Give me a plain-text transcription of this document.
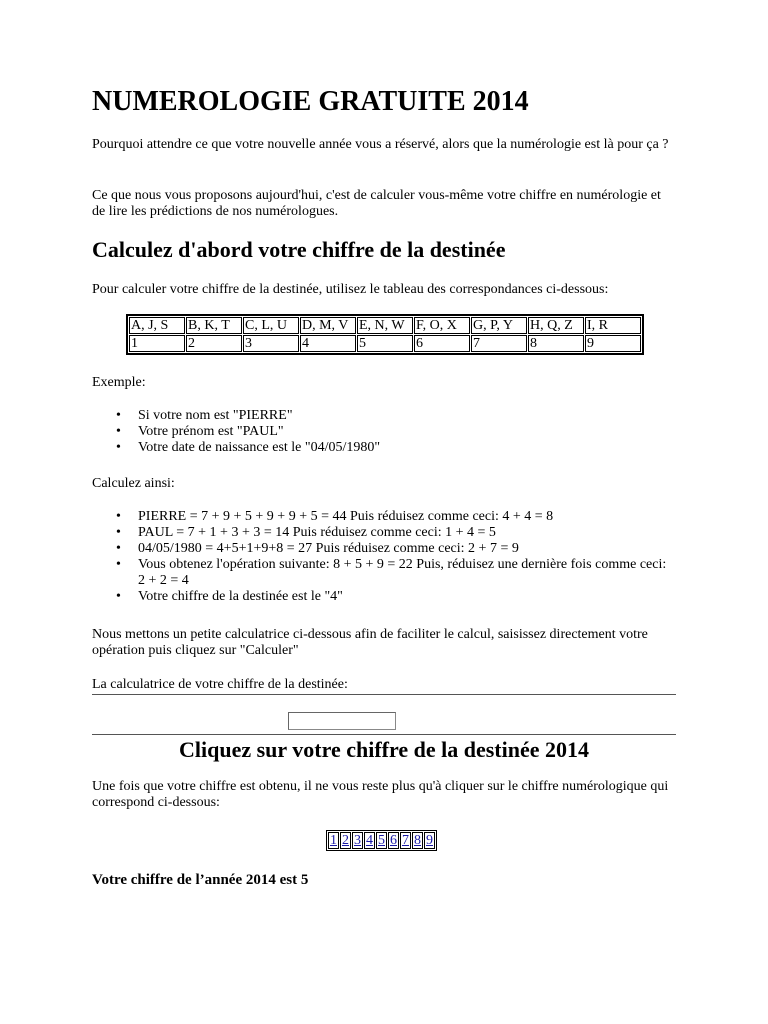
NUMEROLOGIE GRATUITE 2014

Pourquoi attendre ce que votre nouvelle année vous a réservé, alors que la numérologie est là pour ça ?

Ce que nous vous proposons aujourd'hui, c'est de calculer vous-même votre chiffre en numérologie et de lire les prédictions de nos numérologues.

Calculez d'abord votre chiffre de la destinée

Pour calculer votre chiffre de la destinée, utilisez le tableau des correspondances ci-dessous:

A, J, S	B, K, T	C, L, U	D, M, V	E, N, W	F, O, X	G, P, Y	H, Q, Z	I, R
1	2	3	4	5	6	7	8	9

Exemple:

• Si votre nom est "PIERRE"
• Votre prénom est "PAUL"
• Votre date de naissance est le "04/05/1980"

Calculez ainsi:

• PIERRE = 7 + 9 + 5 + 9 + 9 + 5 = 44 Puis réduisez comme ceci: 4 + 4 = 8
• PAUL = 7 + 1 + 3 + 3 = 14 Puis réduisez comme ceci: 1 + 4 = 5
• 04/05/1980 = 4+5+1+9+8 = 27 Puis réduisez comme ceci: 2 + 7 = 9
• Vous obtenez l'opération suivante: 8 + 5 + 9 = 22 Puis, réduisez une dernière fois comme ceci: 2 + 2 = 4
• Votre chiffre de la destinée est le "4"

Nous mettons un petite calculatrice ci-dessous afin de faciliter le calcul, saisissez directement votre opération puis cliquez sur "Calculer"

La calculatrice de votre chiffre de la destinée:

Cliquez sur votre chiffre de la destinée 2014

Une fois que votre chiffre est obtenu, il ne vous reste plus qu'à cliquer sur le chiffre numérologique qui correspond ci-dessous:

1	2	3	4	5	6	7	8	9

Votre chiffre de l’année 2014 est 5
